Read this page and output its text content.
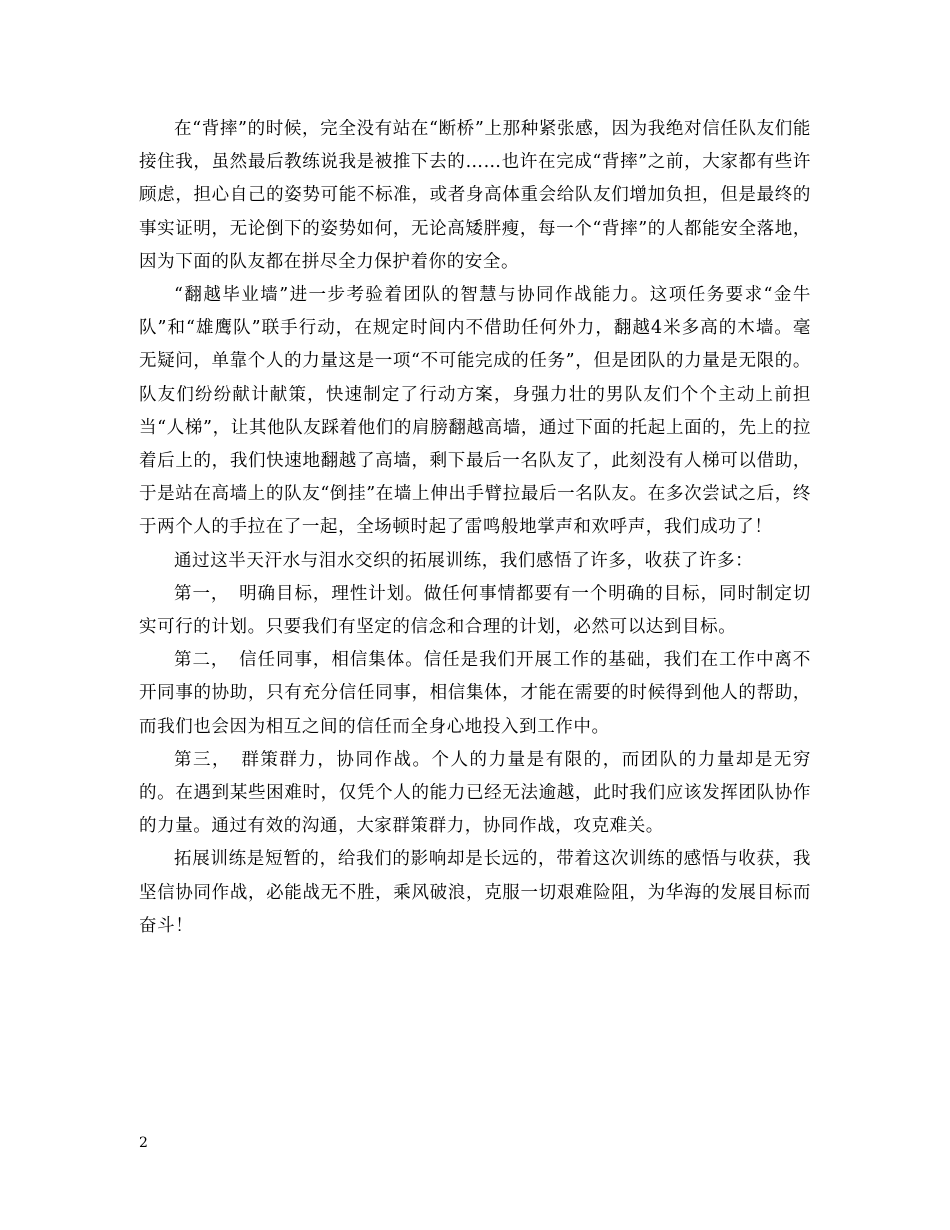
在“背摔”的时候，完全没有站在“断桥”上那种紧张感，因为我绝对信任队友们能接住我，虽然最后教练说我是被推下去的……也许在完成“背摔”之前，大家都有些许顾虑，担心自己的姿势可能不标准，或者身高体重会给队友们增加负担，但是最终的事实证明，无论倒下的姿势如何，无论高矮胖瘦，每一个“背摔”的人都能安全落地，因为下面的队友都在拼尽全力保护着你的安全。

“翻越毕业墙”进一步考验着团队的智慧与协同作战能力。这项任务要求“金牛队”和“雄鹰队”联手行动，在规定时间内不借助任何外力，翻越4米多高的木墙。毫无疑问，单靠个人的力量这是一项“不可能完成的任务”，但是团队的力量是无限的。队友们纷纷献计献策，快速制定了行动方案，身强力壮的男队友们个个主动上前担当“人梯”，让其他队友踩着他们的肩膀翻越高墙，通过下面的托起上面的，先上的拉着后上的，我们快速地翻越了高墙，剩下最后一名队友了，此刻没有人梯可以借助，于是站在高墙上的队友“倒挂”在墙上伸出手臂拉最后一名队友。在多次尝试之后，终于两个人的手拉在了一起，全场顿时起了雷鸣般地掌声和欢呼声，我们成功了！

通过这半天汗水与泪水交织的拓展训练，我们感悟了许多，收获了许多：

第一，　明确目标，理性计划。做任何事情都要有一个明确的目标，同时制定切实可行的计划。只要我们有坚定的信念和合理的计划，必然可以达到目标。

第二，　信任同事，相信集体。信任是我们开展工作的基础，我们在工作中离不开同事的协助，只有充分信任同事，相信集体，才能在需要的时候得到他人的帮助，而我们也会因为相互之间的信任而全身心地投入到工作中。

第三，　群策群力，协同作战。个人的力量是有限的，而团队的力量却是无穷的。在遇到某些困难时，仅凭个人的能力已经无法逾越，此时我们应该发挥团队协作的力量。通过有效的沟通，大家群策群力，协同作战，攻克难关。

拓展训练是短暂的，给我们的影响却是长远的，带着这次训练的感悟与收获，我坚信协同作战，必能战无不胜，乘风破浪，克服一切艰难险阻，为华海的发展目标而奋斗！

2
